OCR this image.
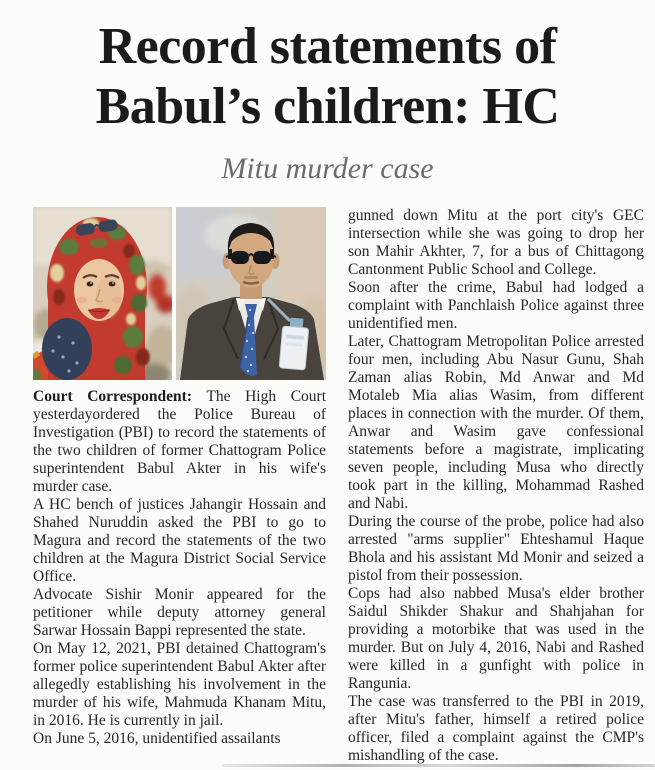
Record statements of
Babul’s children: HC
Mitu murder case

Court Correspondent: The High Court yesterdayordered the Police Bureau of Investigation (PBI) to record the statements of the two children of former Chattogram Police superintendent Babul Akter in his wife's murder case.

A HC bench of justices Jahangir Hossain and Shahed Nuruddin asked the PBI to go to Magura and record the statements of the two children at the Magura District Social Service Office.

Advocate Sishir Monir appeared for the petitioner while deputy attorney general Sarwar Hossain Bappi represented the state.

On May 12, 2021, PBI detained Chattogram's former police superintendent Babul Akter after allegedly establishing his involvement in the murder of his wife, Mahmuda Khanam Mitu, in 2016. He is currently in jail.

On June 5, 2016, unidentified assailants

gunned down Mitu at the port city's GEC intersection while she was going to drop her son Mahir Akhter, 7, for a bus of Chittagong Cantonment Public School and College.

Soon after the crime, Babul had lodged a complaint with Panchlaish Police against three unidentified men.

Later, Chattogram Metropolitan Police arrested four men, including Abu Nasur Gunu, Shah Zaman alias Robin, Md Anwar and Md Motaleb Mia alias Wasim, from different places in connection with the murder. Of them, Anwar and Wasim gave confessional statements before a magistrate, implicating seven people, including Musa who directly took part in the killing, Mohammad Rashed and Nabi.

During the course of the probe, police had also arrested "arms supplier" Ehteshamul Haque Bhola and his assistant Md Monir and seized a pistol from their possession.

Cops had also nabbed Musa's elder brother Saidul Shikder Shakur and Shahjahan for providing a motorbike that was used in the murder. But on July 4, 2016, Nabi and Rashed were killed in a gunfight with police in Rangunia.

The case was transferred to the PBI in 2019, after Mitu's father, himself a retired police officer, filed a complaint against the CMP's mishandling of the case.
